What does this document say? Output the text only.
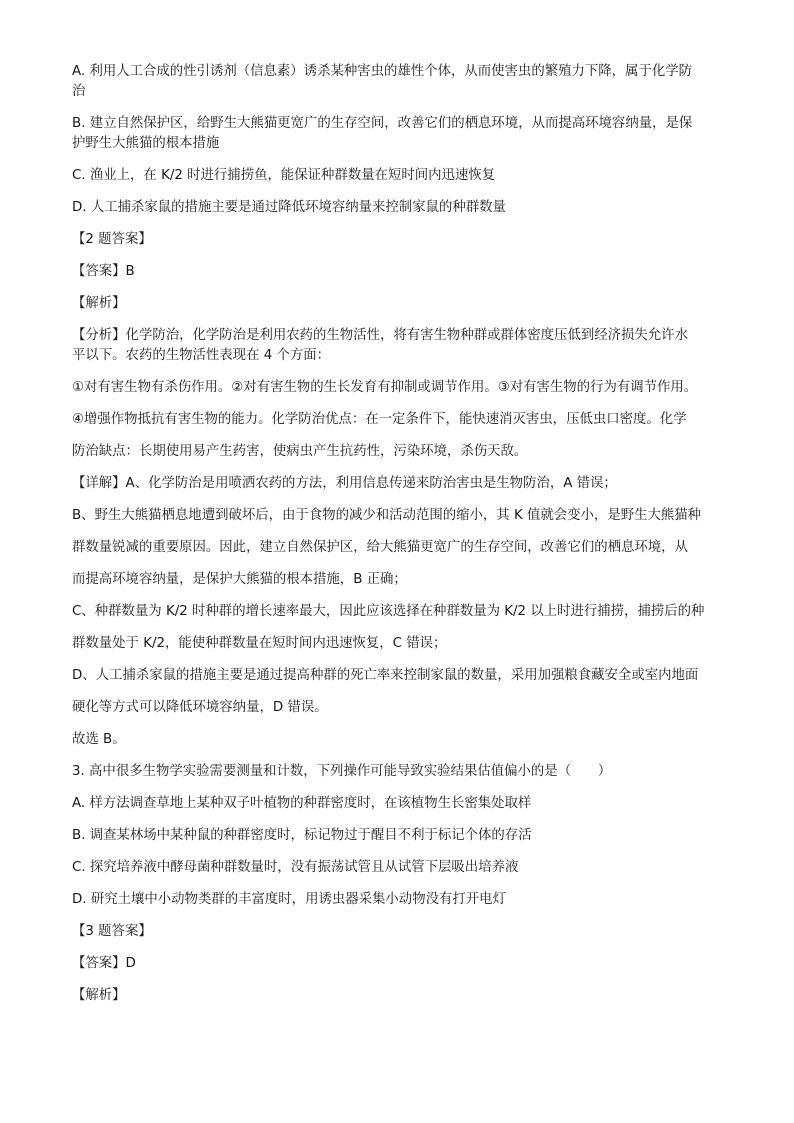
A. 利用人工合成的性引诱剂（信息素）诱杀某种害虫的雄性个体，从而使害虫的繁殖力下降，属于化学防

治

B. 建立自然保护区，给野生大熊猫更宽广的生存空间，改善它们的栖息环境，从而提高环境容纳量，是保

护野生大熊猫的根本措施

C. 渔业上，在 K/2 时进行捕捞鱼，能保证种群数量在短时间内迅速恢复

D. 人工捕杀家鼠的措施主要是通过降低环境容纳量来控制家鼠的种群数量

【2 题答案】

【答案】B

【解析】

【分析】化学防治，化学防治是利用农药的生物活性，将有害生物种群或群体密度压低到经济损失允许水

平以下。农药的生物活性表现在 4 个方面：

①对有害生物有杀伤作用。②对有害生物的生长发育有抑制或调节作用。③对有害生物的行为有调节作用。

④增强作物抵抗有害生物的能力。化学防治优点：在一定条件下，能快速消灭害虫，压低虫口密度。化学

防治缺点：长期使用易产生药害，使病虫产生抗药性，污染环境，杀伤天敌。

【详解】A、化学防治是用喷洒农药的方法，利用信息传递来防治害虫是生物防治，A 错误；

B、野生大熊猫栖息地遭到破坏后，由于食物的减少和活动范围的缩小，其 K 值就会变小，是野生大熊猫种

群数量锐减的重要原因。因此，建立自然保护区，给大熊猫更宽广的生存空间，改善它们的栖息环境，从

而提高环境容纳量，是保护大熊猫的根本措施，B 正确；

C、种群数量为 K/2 时种群的增长速率最大，因此应该选择在种群数量为 K/2 以上时进行捕捞，捕捞后的种

群数量处于 K/2，能使种群数量在短时间内迅速恢复，C 错误；

D、人工捕杀家鼠的措施主要是通过提高种群的死亡率来控制家鼠的数量，采用加强粮食藏安全或室内地面

硬化等方式可以降低环境容纳量，D 错误。

故选 B。

3. 高中很多生物学实验需要测量和计数，下列操作可能导致实验结果估值偏小的是（　　）

A. 样方法调查草地上某种双子叶植物的种群密度时，在该植物生长密集处取样

B. 调查某林场中某种鼠的种群密度时，标记物过于醒目不利于标记个体的存活

C. 探究培养液中酵母菌种群数量时，没有振荡试管且从试管下层吸出培养液

D. 研究土壤中小动物类群的丰富度时，用诱虫器采集小动物没有打开电灯

【3 题答案】

【答案】D

【解析】
